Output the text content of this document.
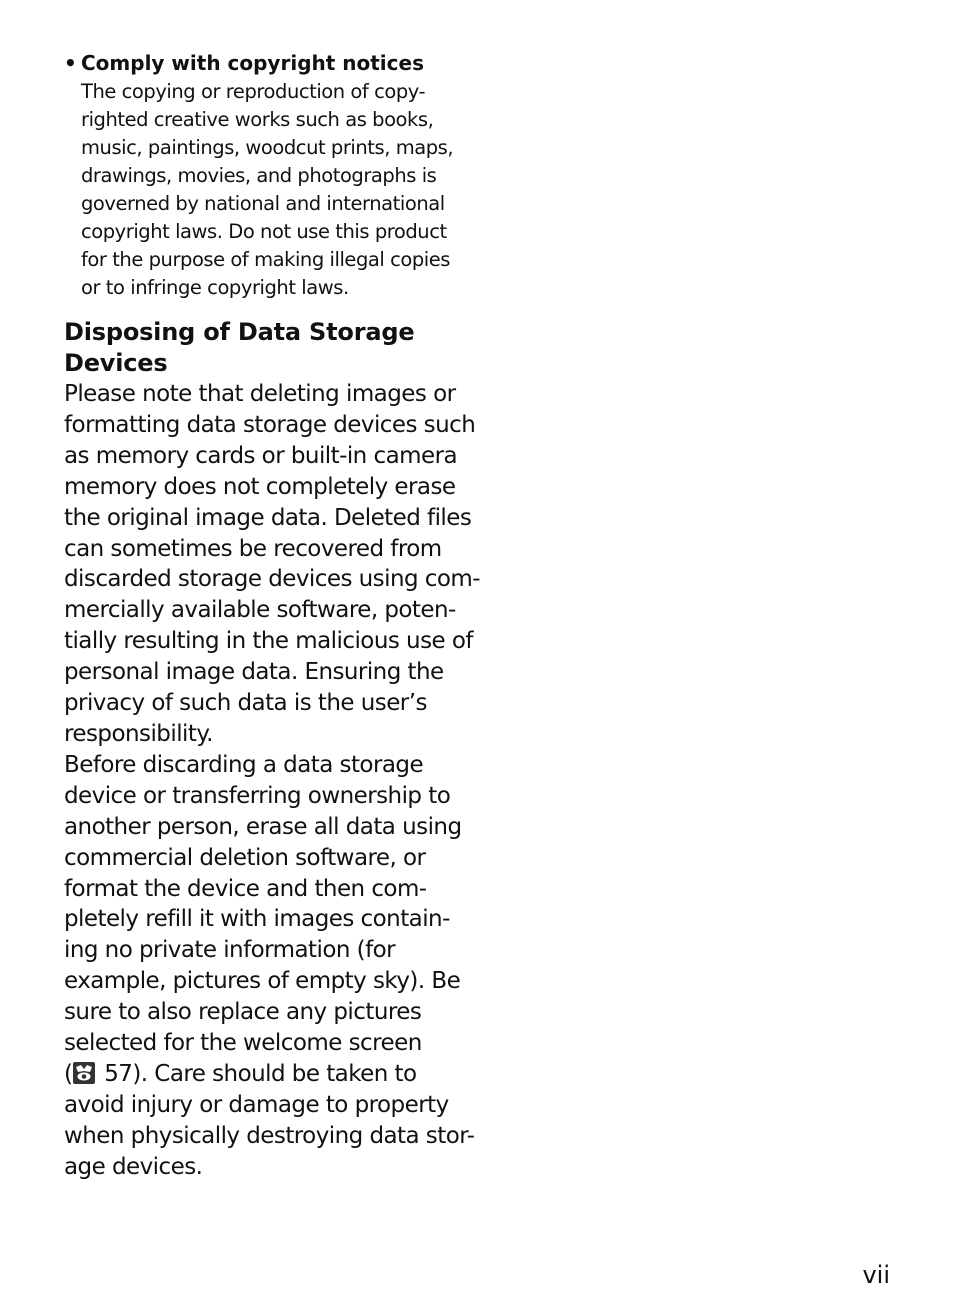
• Comply with copyright notices
The copying or reproduction of copy-
righted creative works such as books,
music, paintings, woodcut prints, maps,
drawings, movies, and photographs is
governed by national and international
copyright laws. Do not use this product
for the purpose of making illegal copies
or to infringe copyright laws.
Disposing of Data Storage
Devices
Please note that deleting images or
formatting data storage devices such
as memory cards or built-in camera
memory does not completely erase
the original image data. Deleted files
can sometimes be recovered from
discarded storage devices using com-
mercially available software, poten-
tially resulting in the malicious use of
personal image data. Ensuring the
privacy of such data is the user’s
responsibility.
Before discarding a data storage
device or transferring ownership to
another person, erase all data using
commercial deletion software, or
format the device and then com-
pletely refill it with images contain-
ing no private information (for
example, pictures of empty sky). Be
sure to also replace any pictures
selected for the welcome screen
( 57). Care should be taken to
avoid injury or damage to property
when physically destroying data stor-
age devices.
vii
